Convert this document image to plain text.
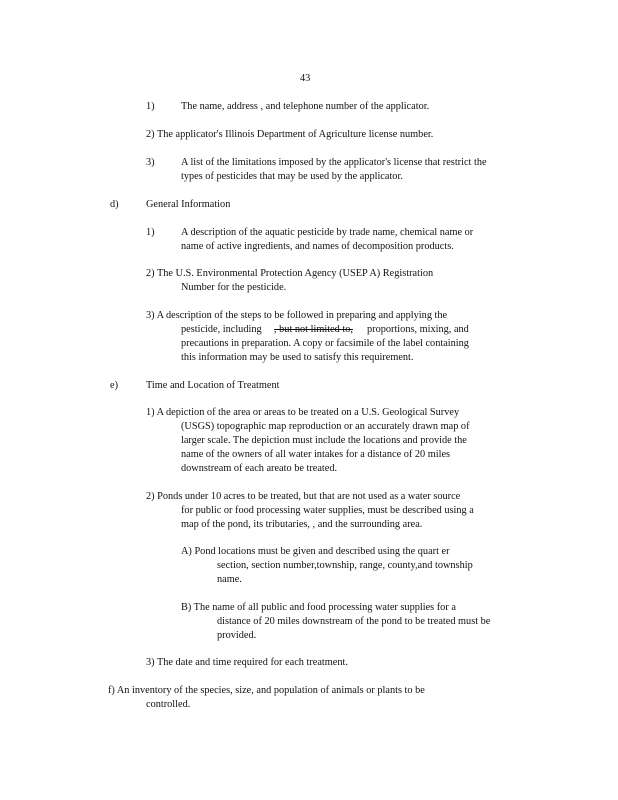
43
1)	The name, address , and telephone number of the applicator.
2) The applicator's Illinois Department of Agriculture license number.
3)	A list of the limitations imposed by the applicator's license that restrict the
types of pesticides that may be used by the applicator.
d)	General Information
1)	A description of the aquatic pesticide by trade name, chemical name or
name of active ingredients, and names of decomposition products.
2) The U.S. Environmental Protection Agency (USEP A) Registration
Number for the pesticide.
3) A description of the steps to be followed in preparing and applying the
pesticide, including , but not limited to, proportions, mixing, and
precautions in preparation. A copy or facsimile of the label containing
this information may be used to satisfy this requirement.
e)	Time and Location of Treatment
1) A depiction of the area or areas to be treated on a U.S. Geological Survey
(USGS) topographic map reproduction or an accurately drawn map of
larger scale. The depiction must include the locations and provide the
name of the owners of all water intakes for a distance of 20 miles
downstream of each areato be treated.
2) Ponds under 10 acres to be treated, but that are not used as a water source
for public or food processing water supplies, must be described using a
map of the pond, its tributaries, , and the surrounding area.
A) Pond locations must be given and described using the quart er
section, section number,township, range, county,and township
name.
B) The name of all public and food processing water supplies for a
distance of 20 miles downstream of the pond to be treated must be
provided.
3) The date and time required for each treatment.
f) An inventory of the species, size, and population of animals or plants to be
controlled.
